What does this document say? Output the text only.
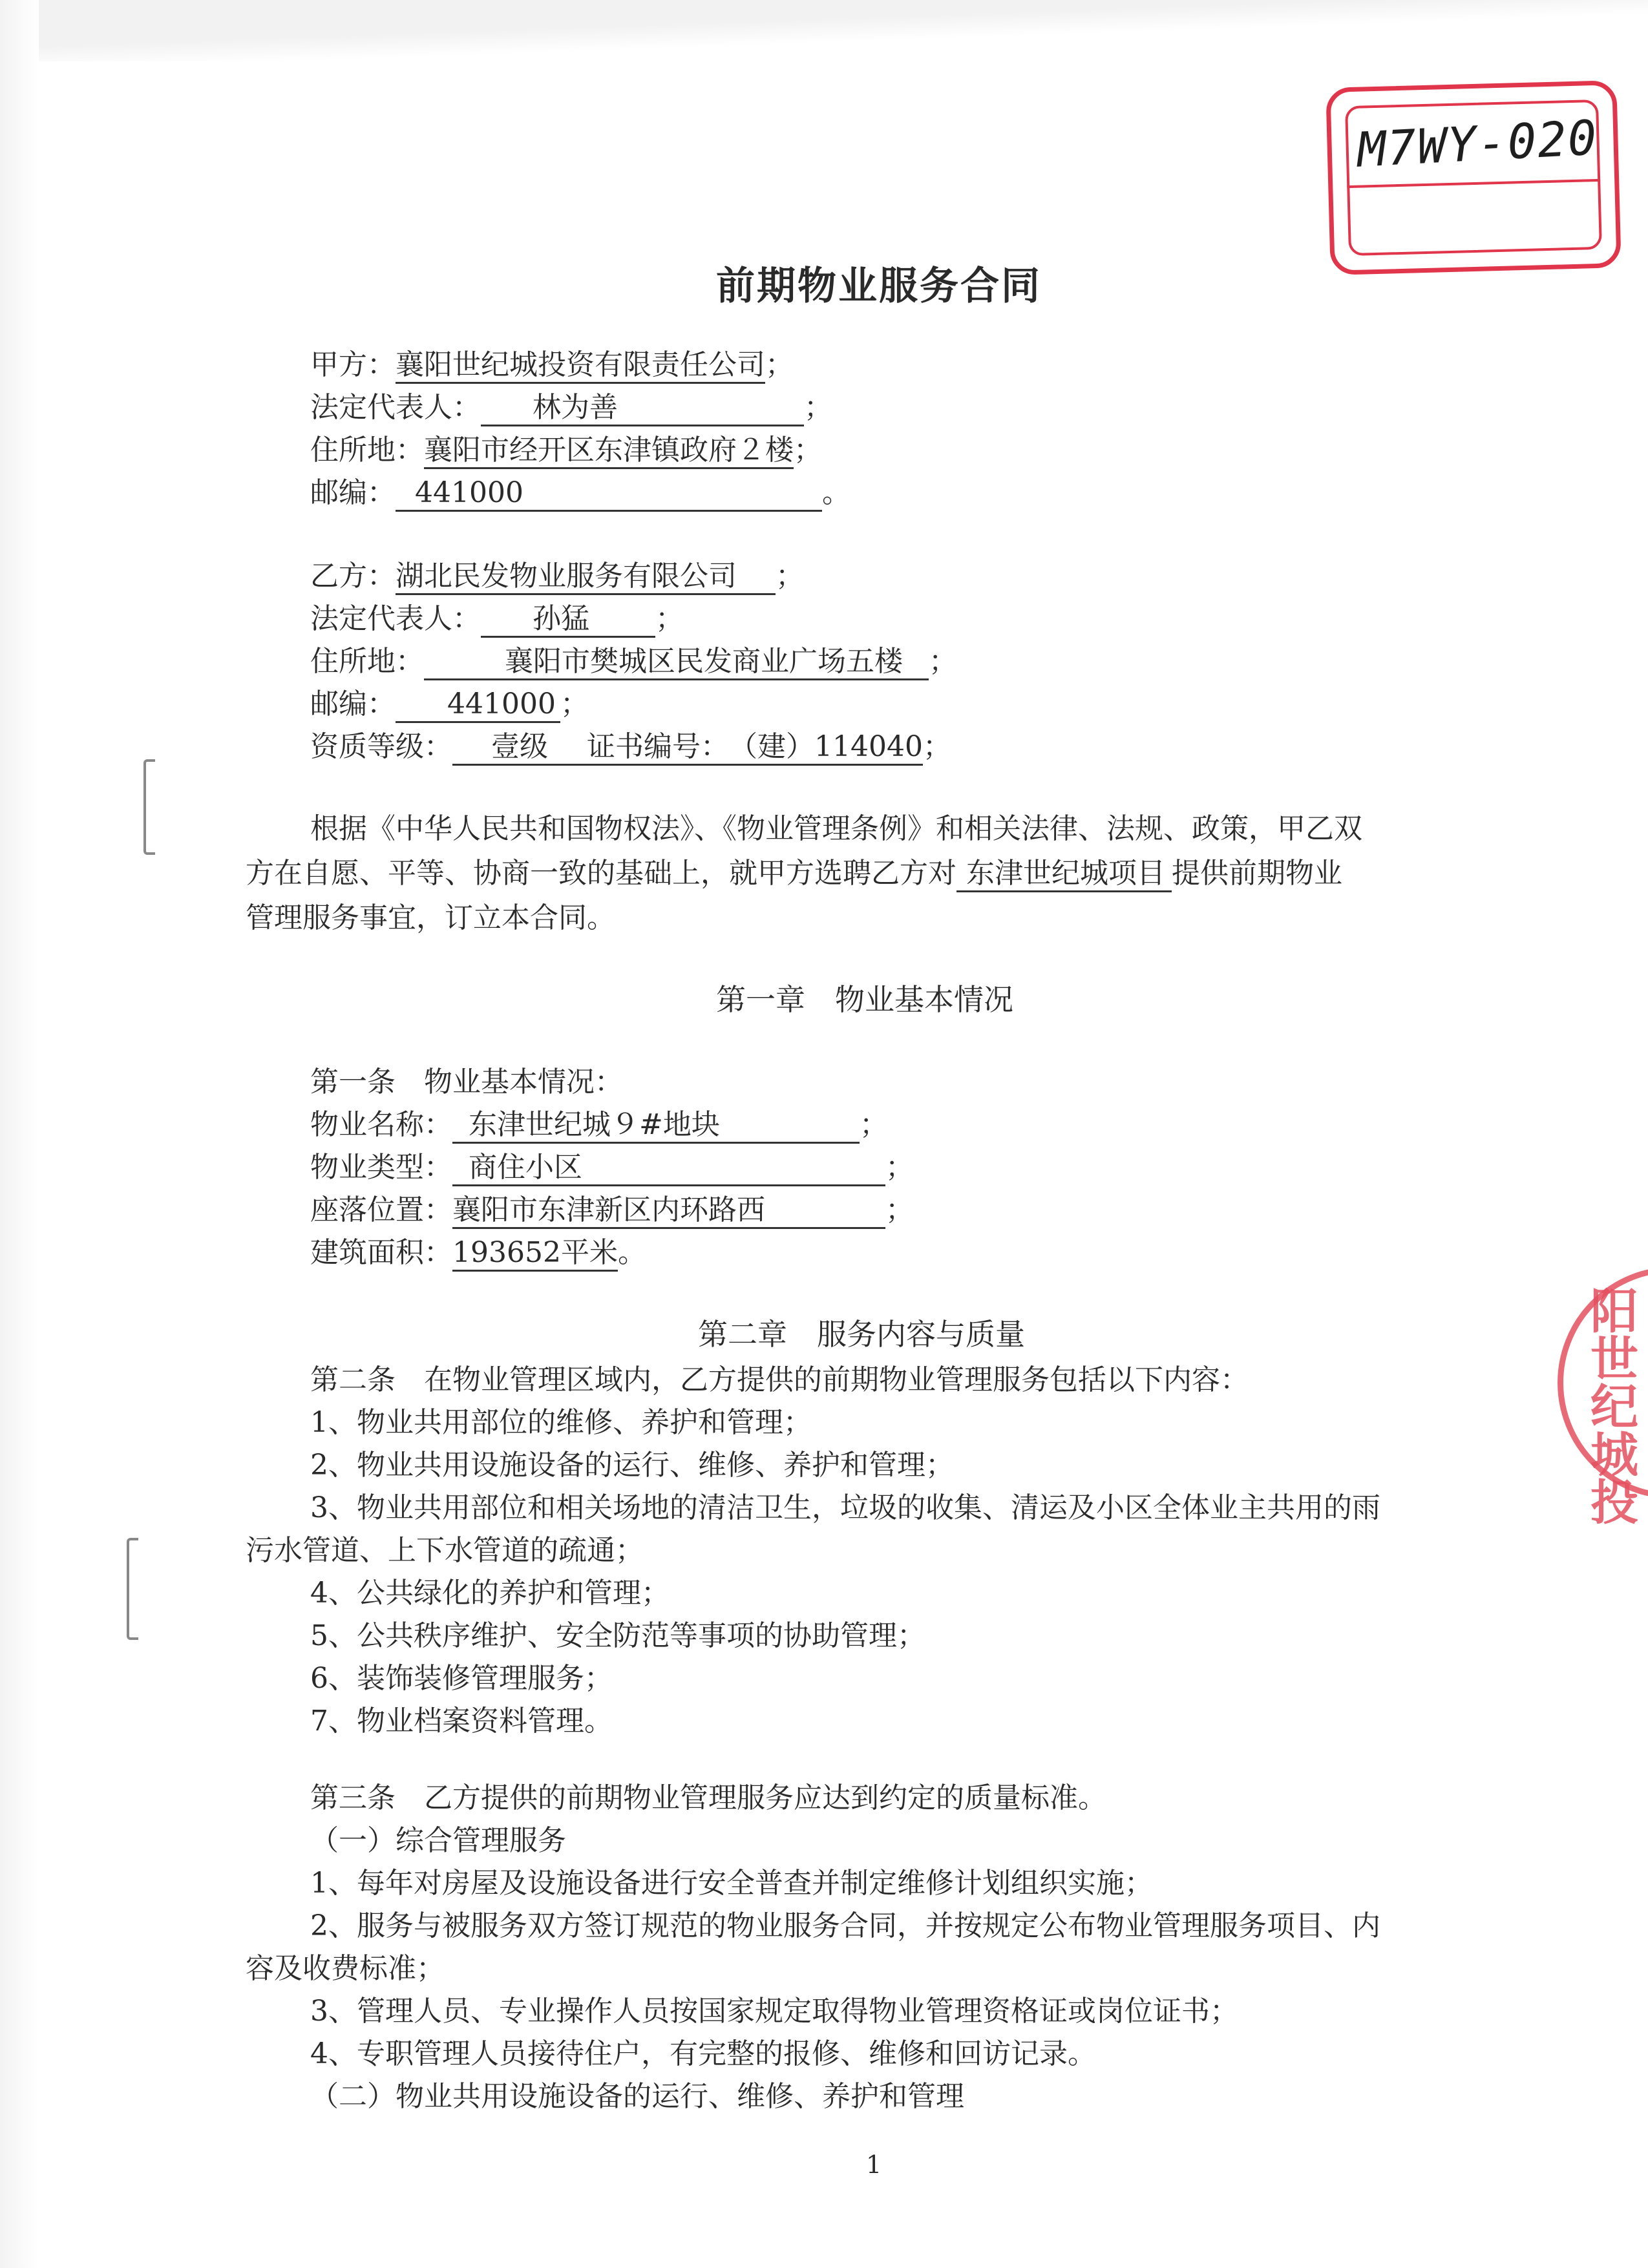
M7WY-020
阳世纪城投
前期物业服务合同
甲方：襄阳世纪城投资有限责任公司；
法定代表人： 林为善	；
住所地：襄阳市经开区东津镇政府２楼；
邮编： 441000	。
乙方：湖北民发物业服务有限公司 ；
法定代表人： 孙猛 ；
住所地：	襄阳市樊城区民发商业广场五楼 ；
邮编： 441000 ；
资质等级： 壹级 证书编号：（建）114040；
根据《中华人民共和国物权法》、《物业管理条例》和相关法律、法规、政策，甲乙双
方在自愿、平等、协商一致的基础上，就甲方选聘乙方对 东津世纪城项目 提供前期物业
管理服务事宜，订立本合同。
第一章　物业基本情况
第一条　物业基本情况：
物业名称： 东津世纪城９#地块	；
物业类型： 商住小区	；
座落位置：襄阳市东津新区内环路西	；
建筑面积：193652平米。
第二章　服务内容与质量
第二条　在物业管理区域内，乙方提供的前期物业管理服务包括以下内容：
1、物业共用部位的维修、养护和管理；
2、物业共用设施设备的运行、维修、养护和管理；
3、物业共用部位和相关场地的清洁卫生，垃圾的收集、清运及小区全体业主共用的雨
污水管道、上下水管道的疏通；
4、公共绿化的养护和管理；
5、公共秩序维护、安全防范等事项的协助管理；
6、装饰装修管理服务；
7、物业档案资料管理。
第三条　乙方提供的前期物业管理服务应达到约定的质量标准。
（一）综合管理服务
1、每年对房屋及设施设备进行安全普查并制定维修计划组织实施；
2、服务与被服务双方签订规范的物业服务合同，并按规定公布物业管理服务项目、内
容及收费标准；
3、管理人员、专业操作人员按国家规定取得物业管理资格证或岗位证书；
4、专职管理人员接待住户，有完整的报修、维修和回访记录。
（二）物业共用设施设备的运行、维修、养护和管理
1
